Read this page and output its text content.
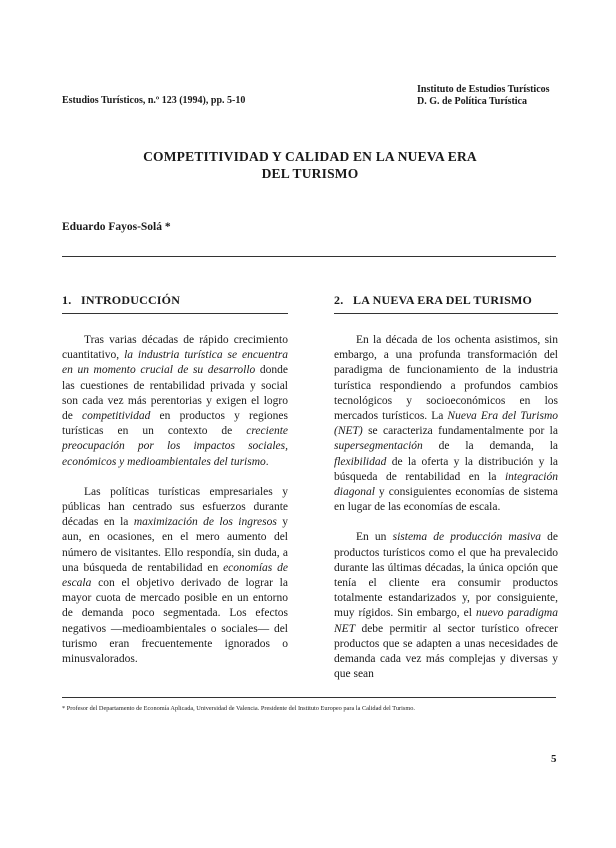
Estudios Turísticos, n.º 123 (1994), pp. 5-10
Instituto de Estudios Turísticos
D. G. de Política Turística
COMPETITIVIDAD Y CALIDAD EN LA NUEVA ERA
DEL TURISMO
Eduardo Fayos-Solá *
1.   INTRODUCCIÓN

Tras varias décadas de rápido crecimiento cuantitativo, la industria turística se encuentra en un momento crucial de su desarrollo donde las cuestiones de rentabilidad privada y social son cada vez más perentorias y exigen el logro de competitividad en productos y regiones turísticas en un contexto de creciente preocupación por los impactos sociales, económicos y medioambientales del turismo.

Las políticas turísticas empresariales y públicas han centrado sus esfuerzos durante décadas en la maximización de los ingresos y aun, en ocasiones, en el mero aumento del número de visitantes. Ello respondía, sin duda, a una búsqueda de rentabilidad en economías de escala con el objetivo derivado de lograr la mayor cuota de mercado posible en un entorno de demanda poco segmentada. Los efectos negativos —medioambientales o sociales— del turismo eran frecuentemente ignorados o minusvalorados.

2.   LA NUEVA ERA DEL TURISMO

En la década de los ochenta asistimos, sin embargo, a una profunda transformación del paradigma de funcionamiento de la industria turística respondiendo a profundos cambios tecnológicos y socioeconómicos en los mercados turísticos. La Nueva Era del Turismo (NET) se caracteriza fundamentalmente por la supersegmentación de la demanda, la flexibilidad de la oferta y la distribución y la búsqueda de rentabilidad en la integración diagonal y consiguientes economías de sistema en lugar de las economías de escala.

En un sistema de producción masiva de productos turísticos como el que ha prevalecido durante las últimas décadas, la única opción que tenía el cliente era consumir productos totalmente estandarizados y, por consiguiente, muy rígidos. Sin embargo, el nuevo paradigma NET debe permitir al sector turístico ofrecer productos que se adapten a unas necesidades de demanda cada vez más complejas y diversas y que sean

* Profesor del Departamento de Economía Aplicada, Universidad de Valencia. Presidente del Instituto Europeo para la Calidad del Turismo.
5
